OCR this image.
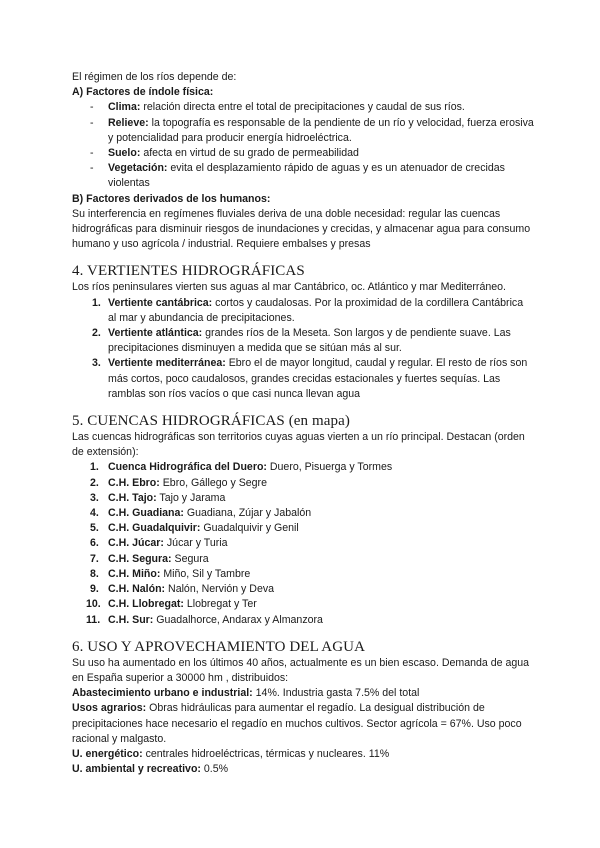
El régimen de los ríos depende de:

A) Factores de índole física:

- Clima: relación directa entre el total de precipitaciones y caudal de sus ríos.
- Relieve: la topografía es responsable de la pendiente de un río y velocidad, fuerza erosiva y potencialidad para producir energía hidroeléctrica.
- Suelo: afecta en virtud de su grado de permeabilidad
- Vegetación: evita el desplazamiento rápido de aguas y es un atenuador de crecidas violentas

B) Factores derivados de los humanos:

Su interferencia en regímenes fluviales deriva de una doble necesidad: regular las cuencas hidrográficas para disminuir riesgos de inundaciones y crecidas, y almacenar agua para consumo humano y uso agrícola / industrial. Requiere embalses y presas

4. VERTIENTES HIDROGRÁFICAS

Los ríos peninsulares vierten sus aguas al mar Cantábrico, oc. Atlántico y mar Mediterráneo.

1. Vertiente cantábrica: cortos y caudalosas. Por la proximidad de la cordillera Cantábrica al mar y abundancia de precipitaciones.
2. Vertiente atlántica: grandes ríos de la Meseta. Son largos y de pendiente suave. Las precipitaciones disminuyen a medida que se sitúan más al sur.
3. Vertiente mediterránea: Ebro el de mayor longitud, caudal y regular. El resto de ríos son más cortos, poco caudalosos, grandes crecidas estacionales y fuertes sequías. Las ramblas son ríos vacíos o que casi nunca llevan agua
5. CUENCAS HIDROGRÁFICAS (en mapa)

Las cuencas hidrográficas son territorios cuyas aguas vierten a un río principal. Destacan (orden de extensión):

1. Cuenca Hidrográfica del Duero: Duero, Pisuerga y Tormes
2. C.H. Ebro: Ebro, Gállego y Segre
3. C.H. Tajo: Tajo y Jarama
4. C.H. Guadiana: Guadiana, Zújar y Jabalón
5. C.H. Guadalquivir: Guadalquivir y Genil
6. C.H. Júcar: Júcar y Turia
7. C.H. Segura: Segura
8. C.H. Miño: Miño, Sil y Tambre
9. C.H. Nalón: Nalón, Nervión y Deva
10. C.H. Llobregat: Llobregat y Ter
11. C.H. Sur: Guadalhorce, Andarax y Almanzora
6. USO Y APROVECHAMIENTO DEL AGUA

Su uso ha aumentado en los últimos 40 años, actualmente es un bien escaso. Demanda de agua en España superior a 30000 hm , distribuidos:

Abastecimiento urbano e industrial: 14%. Industria gasta 7.5% del total

Usos agrarios: Obras hidráulicas para aumentar el regadío. La desigual distribución de precipitaciones hace necesario el regadío en muchos cultivos. Sector agrícola = 67%. Uso poco racional y malgasto.

U. energético: centrales hidroeléctricas, térmicas y nucleares. 11%

U. ambiental y recreativo: 0.5%
